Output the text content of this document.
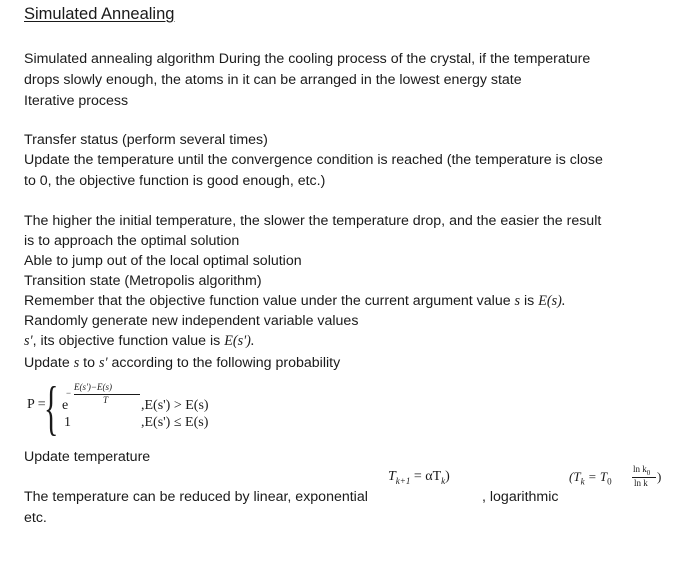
Simulated Annealing
Simulated annealing algorithm During the cooling process of the crystal, if the temperature
drops slowly enough, the atoms in it can be arranged in the lowest energy state
Iterative process
Transfer status (perform several times)
Update the temperature until the convergence condition is reached (the temperature is close
to 0, the objective function is good enough, etc.)
The higher the initial temperature, the slower the temperature drop, and the easier the result
is to approach the optimal solution
Able to jump out of the local optimal solution
Transition state (Metropolis algorithm)
Remember that the objective function value under the current argument value s is E(s).
Randomly generate new independent variable values
s', its objective function value is E(s').
Update s to s' according to the following probability
P =
{ E(s')−E(s)
T
−
e	,E(s') > E(s)
1	,E(s') ≤ E(s)
Update temperature
The temperature can be reduced by linear, exponential
etc.
$T_{k+1} = \alpha T_k$)
, logarithmic
($T_k = T_0$
$\ln k_0$
ln k )
